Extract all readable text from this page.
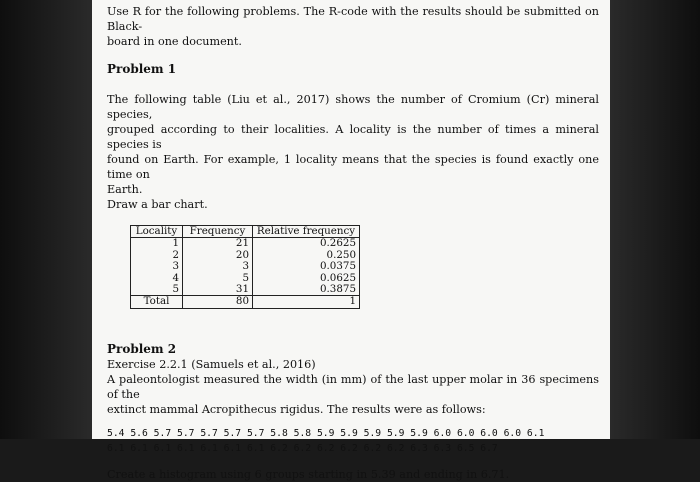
Use R for the following problems. The R-code with the results should be submitted on Black-

board in one document.

Problem 1

The following table (Liu et al., 2017) shows the number of Cromium (Cr) mineral species,

grouped according to their localities. A locality is the number of times a mineral species is

found on Earth. For example, 1 locality means that the species is found exactly one time on

Earth.

Draw a bar chart.

Locality	Frequency	Relative frequency
1	21	0.2625
2	20	0.250
3	3	0.0375
4	5	0.0625
5	31	0.3875
Total	80	1
Problem 2

Exercise 2.2.1 (Samuels et al., 2016)

A paleontologist measured the width (in mm) of the last upper molar in 36 specimens of the

extinct mammal Acropithecus rigidus. The results were as follows:

5.4 5.6 5.7 5.7 5.7 5.7 5.7 5.8 5.8 5.9 5.9 5.9 5.9 5.9 6.0 6.0 6.0 6.0 6.1
6.1 6.1 6.1 6.1 6.1 6.1 6.1 6.2 6.2 6.2 6.2 6.2 6.2 6.3 6.3 6.5 6.7

Create a histogram using 6 groups starting in 5.39 and ending in 6.71.
